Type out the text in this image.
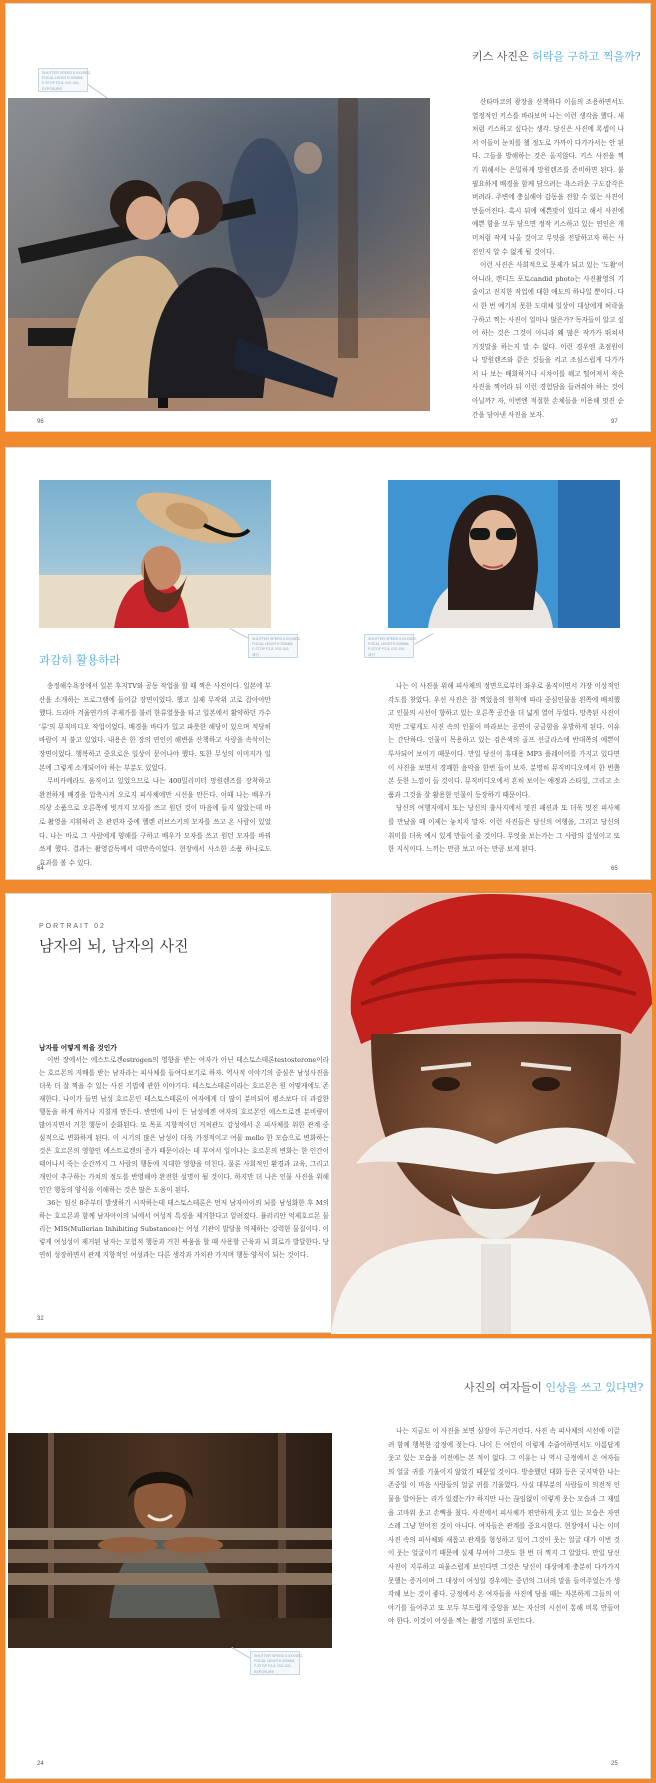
키스 사진은 허락을 구하고 찍을까?
SHUTTER SPEED 0.0XXSEC,
FOCAL LENGTH 200MM,
F-STOP F2.8, ISO 100,
EXPOSURE

산타마코의 광장을 산책하다 이들의 조용하면서도 열정적인 키스를 바라보며 나는 이런 생각을 했다. 새처럼 키스하고 싶다는 생각. 당신은 사진에 록셉이 나서 이들이 눈치를 챌 정도로 가까이 다가가서는 안 된다. 그들을 방해하는 것은 올지않다. 키스 사진을 찍기 위해서는 은밀하게 망원렌즈를 준비하면 된다. 불필요하게 배경을 함께 담으려는 욕스러운 구도감각은 버려라. 주변에 충실해야 감동을 전할 수 있는 사진이 만들어진다. 혹시 뒤에 예쁜맞이 있다고 해서 사진에 예쁜 함을 모두 담으면 정작 키스하고 있는 연인은 개미처럼 작게 나올 것이고 무엇을 전달하고자 하는 사진인지 알 수 없게 될 것이다.

이런 사진은 사회적으로 문제가 되고 있는 '도촬'이 아니라, 캔디드 포토candid photo는 사진촬영의 기술이고 진지한 작업에 대한 애도의 하나일 뿐이다. 다시 한 번 예기치 못한 도대체 일상이 대상에게 허락을 구하고 찍는 사진이 얼마나 많은가? 독자들이 알고 싶어 하는 것은 그것이 아니라 왜 많은 작가가 뛰쳐서 거짓말을 하는지 말 수 없다. 이런 경우엔 초점원이 나 망원렌즈와 같은 것들을 켜고 조심스럽게 다가가서 나 보는 배회하거나 시차이를 해고 떨어져서 작은 사진을 찍어라 뒤 이런 경험담을 들려줘야 하는 것이 아닐까? 자, 이번엔 적절한 손체들을 이용해 멋진 순간을 담아낸 사진을 보자.

96	97
SHUTTER SPEED 0.0XXSEC,
FOCAL LENGTH 200MM,
F-STOP F2.8, ISO 100,
패션
SHUTTER SPEED 0.0XXSEC,
FOCAL LENGTH 200MM,
F-STOP F2.8, ISO 100,
패션
과감히 활용하라

송정해수욕장에서 일본 후지TV와 공동 작업을 할 때 찍은 사진이다. 일본에 부산을 소개하는 프로그램에 들어갈 장면이었다. 했고 실제 무작위 고로 잡아야만 했다. 드라마 겨울연가의 주제가를 불러 한류열풍을 타고 일본에서 활약하던 가수 '류'의 뮤직비디오 작업이었다. 배경을 바다가 있고 파릇한 해당이 있으며 적당히 바람이 저 불고 있었다. 내용은 한 장의 연인이 해변을 산책하고 사랑을 속삭이는 장면이었다. 행복하고 중요로운 일상이 묻어나야 했다. 또한 무성의 이미지가 일본에 그렇게 소개되어야 하는 부분도 있었다.

무비카메라도 움직이고 있었으므로 나는 400밀리미터 망원렌즈를 장착하고 완전하게 배경을 압축시켜 오로지 피사체에만 시선을 만든다. 이때 나는 배우가 의상 소품으로 오른쪽에 벗겨지 모자를 쓰고 원던 것이 마음에 들지 않았는데 바로 촬영을 지휘하러 온 관련자 중에 헬렌 러브스키의 모자를 쓰고 온 사람이 있었다. 나는 바로 그 사람에게 양해를 구하고 배우가 모자를 쓰고 원던 모자를 바꿔 쓰게 했다. 결과는 촬영감독께서 대만족이었다. 현장에서 사소한 소품 하나로도 효과를 볼 수 있다.

나는 이 사진을 위해 피사체의 정면으로부터 좌우로 움직이면서 가장 이상적인 각도를 찾았다. 우선 사진은 잘 찍었음의 원칙에 따라 중심인물을 왼쪽에 배치했고 인물의 시선이 향하고 있는 오른쪽 공간을 더 넓게 열어 두었다. 망측된 사진이지만 그렇게도 사진 속의 인물이 바라보는 공연이 궁금함을 유발하게 된다. 이유는 간단하다. 인물이 목용하고 있는 검은색의 골프 선글라스에 반대쪽의 예쁜이 투사되어 보이기 때문이다. 만일 당신이 휴대용 MP3 플레이어를 가지고 있다면 이 사진을 보면서 경쾌한 음악을 한번 들어 보자. 분명히 뮤직비디오에서 한 번쯤 본 듯한 느낌이 들 것이다. 뮤직비디오에서 흔히 보이는 애정과 스타일, 그리고 소품과 그것을 잘 활용한 인물이 등장하기 때문이다.

당신의 여행지에서 또는 당신의 출사지에서 멋진 패션과 또 더욱 멋진 피사체를 만났을 때 이제는 놓치지 말자. 이런 사진들은 당신의 여행을, 그리고 당신의 취미를 더욱 예시 있게 만들어 줄 것이다. 무엇을 보는가는 그 사람의 감성이고 또한 지식이다. 느끼는 만큼 보고 아는 만큼 보게 된다.

64	65
PORTRAIT 02
남자의 뇌, 남자의 사진
남자를 어떻게 찍을 것인가

이번 장에서는 에스트로겐estrogen의 영향을 받는 여자가 아닌 테스토스테론testosterone이라는 호르몬의 지배를 받는 남자라는 피사체를 들여다보기로 하자. 역사적 이야기의 중심은 남성사진을 더욱 더 잘 찍을 수 있는 사진 기법에 관한 이야기다. 테스토스테론이라는 호르몬은 원 어떻게에도 존재한다. 나이가 들면 남성 호르몬인 테스토스테론이 여자에게 더 많이 분비되어 평소보다 더 과감한 행동을 하게 하거나 지칠게 만든다. 반면에 나이 든 남성에겐 여자의 호르몬인 에스트로겐 분비량이 많아지면서 거친 행동이 순화된다. 또 목표 지향적이던 거처관도 감성에서 온 피사체를 위한 관계 중심적으로 변화하게 된다. 이 시기의 많은 남성이 더욱 가정적이고 여물 mello 한 모습으로 변화하는 것은 호르몬의 영향인 에스트로겐의 증가 때문이라는 데 부여서 일어나는 호르몬의 변화는 한 인간이 태어나서 죽는 순간까지 그 사람의 행동에 지대한 영향을 미친다. 물론 사회적인 환경과 교육, 그리고 개인이 추구하는 가치의 정도를 반영해야 완전한 설명이 될 것이다. 하지만 더 나은 인물 사진을 위해 인간 행동의 양식을 이해하는 것은 많은 도움이 된다.

36는 임신 8주부터 발생하기 시작하는데 테스토스테론은 먼저 남자아이의 뇌를 남성화한 후 M의하는 호르몬과 함께 남자아이의 뇌에서 여성적 특징을 제거한다고 알려졌다. 뮬러리안 억제호르몬 물리는 MIS(Mullerian Inhibiting Substance)는 여성 기관이 발달을 억제하는 강력한 물질이다. 이렇게 여성성이 제거된 남자는 모험적 행동과 거친 싸움을 할 때 사용할 근육과 뇌 회로가 발달한다. 당연히 성장하면서 관계 지향적인 여성과는 다른 생각과 가치관 가지며 행동 양식이 되는 것이다.

32
사진의 여자들이 인상을 쓰고 있다면?
SHUTTER SPEED 0.0XXSEC,
FOCAL LENGTH 200MM,
F-STOP F2.8, ISO 100,
EXPOSURE

나는 지금도 이 사진을 보면 심장이 두근거린다. 사진 속 피사체의 시선에 이끌려 함께 행복한 감정에 젖는다. 나이 든 여인이 이렇게 수줍어하면서도 아름답게 웃고 있는 모습을 이전에는 본 적이 없다. 그 이유는 나 역시 긍정에서 온 여자들의 얼굴 귀를 기울이지 않았기 때문일 것이다. 방송했던 대화 등은 굿지막한 나는 존중일 이 마음 사람들의 얼굴 귀를 기울였다. 사실 대부분의 사람들이 의전적 인물을 알아듣는 리가 있겠는가? 하지만 나는 끊임없이 이렇게 웃는 모습과 그 재밌을 고마워 웃고 손뼉을 쳤다. 사진에서 피사체가 편안하게 웃고 있는 모습은 자연스레 그냥 얻어진 것이 아니다. 여자들은 관계를 중요시한다. 현장에서 나는 이미 사진 속의 피사체와 새롭고 관계를 형성하고 있어 그것이 웃는 얼굴 대가 이번 것이 웃는 얼굴이기 때문에 실제 부여이 그릇도 한 번 더 찍지 그 알았다. 만일 당신 사진이 지루하고 피울스럽게 보인다면 그것은 당신이 대상에게 충분히 다가가지 못했는 증거이며 그 대상이 여성일 경우에는 중년의 그녀의 말을 들어주었는가 생각해 보는 것이 좋다. 긍정에서 온 여자들을 사진에 담을 때는 자본하게 그들의 이야기를 들어주고 또 모두 부드럽게 중앙을 보는 자신의 시선이 통해 비록 만들어야 한다. 이것이 어성을 찍는 촬영 기법의 포인트다.

24	25
